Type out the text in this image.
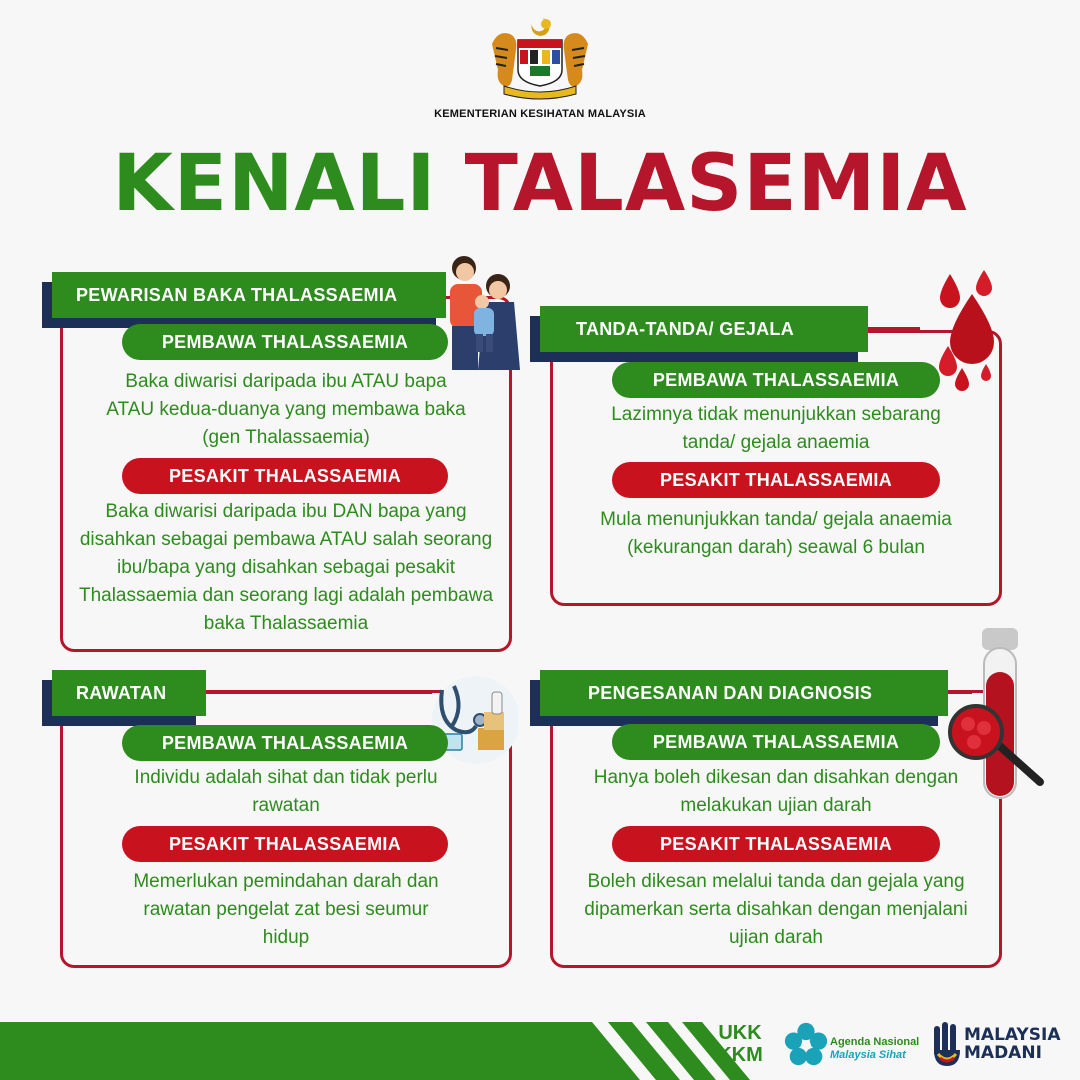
KEMENTERIAN KESIHATAN MALAYSIA
KENALI TALASEMIA
PEWARISAN BAKA THALASSAEMIA
PEMBAWA THALASSAEMIA
Baka diwarisi daripada ibu ATAU bapa ATAU kedua-duanya yang membawa baka (gen Thalassaemia)
PESAKIT THALASSAEMIA
Baka diwarisi daripada ibu DAN bapa yang disahkan sebagai pembawa ATAU salah seorang ibu/bapa yang disahkan sebagai pesakit Thalassaemia dan seorang lagi adalah pembawa baka Thalassaemia
TANDA-TANDA/ GEJALA
PEMBAWA THALASSAEMIA
Lazimnya tidak menunjukkan sebarang tanda/ gejala anaemia
PESAKIT THALASSAEMIA
Mula menunjukkan tanda/ gejala anaemia (kekurangan darah) seawal 6 bulan
RAWATAN
PEMBAWA THALASSAEMIA
Individu adalah sihat dan tidak perlu rawatan
PESAKIT THALASSAEMIA
Memerlukan pemindahan darah dan rawatan pengelat zat besi seumur hidup
PENGESANAN DAN DIAGNOSIS
PEMBAWA THALASSAEMIA
Hanya boleh dikesan dan disahkan dengan melakukan ujian darah
PESAKIT THALASSAEMIA
Boleh dikesan melalui tanda dan gejala yang dipamerkan serta disahkan dengan menjalani ujian darah
UKK
KKM
Agenda Nasional
Malaysia Sihat
MALAYSIA
MADANI
